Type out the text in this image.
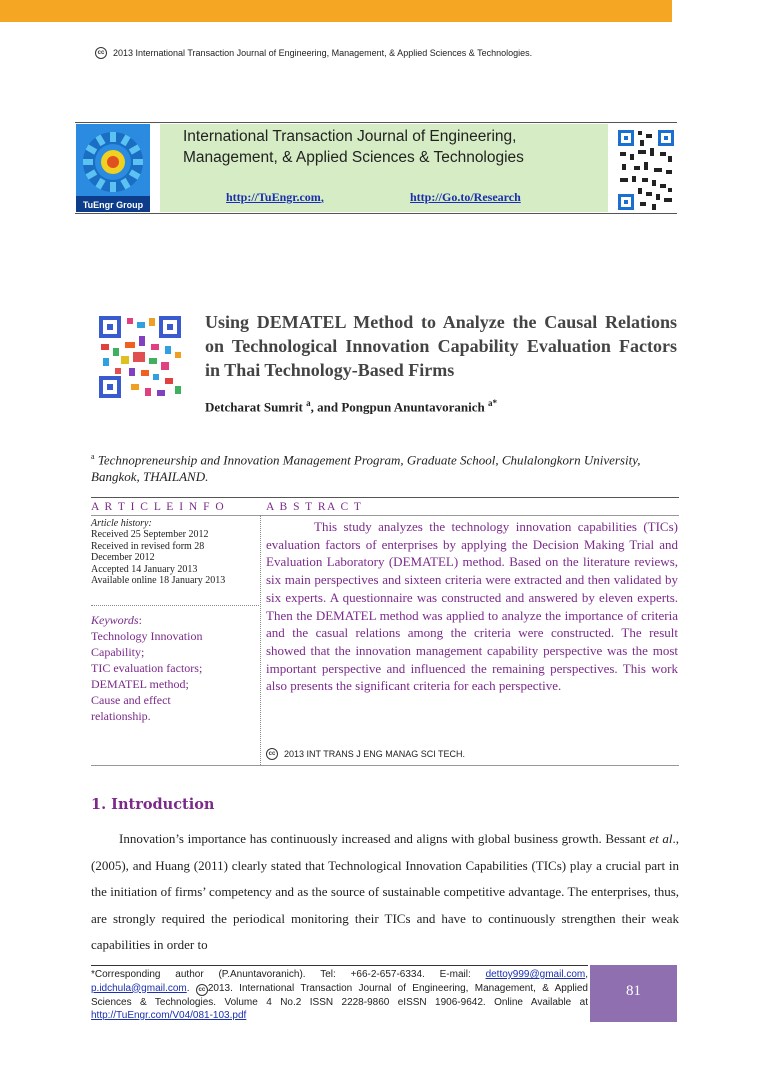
cc 2013 International Transaction Journal of Engineering, Management, & Applied Sciences & Technologies.
TuEngr Group
International Transaction Journal of Engineering, Management, & Applied Sciences & Technologies
http://TuEngr.com,	http://Go.to/Research
Using DEMATEL Method to Analyze the Causal Relations on Technological Innovation Capability Evaluation Factors in Thai Technology-Based Firms
Detcharat Sumrit $^a$, and Pongpun Anuntavoranich $^{a*}$
$^a$ Technopreneurship and Innovation Management Program, Graduate School, Chulalongkorn University, Bangkok, THAILAND.
A R T I C L E I N F O	A B S T RA C T
Article history:
Received 25 September 2012
Received in revised form 28
December 2012
Accepted 14 January 2013
Available online 18 January 2013
Keywords:
Technology Innovation
Capability;
TIC evaluation factors;
DEMATEL method;
Cause and effect
relationship.
This study analyzes the technology innovation capabilities (TICs) evaluation factors of enterprises by applying the Decision Making Trial and Evaluation Laboratory (DEMATEL) method. Based on the literature reviews, six main perspectives and sixteen criteria were extracted and then validated by six experts. A questionnaire was constructed and answered by eleven experts. Then the DEMATEL method was applied to analyze the importance of criteria and the casual relations among the criteria were constructed. The result showed that the innovation management capability perspective was the most important perspective and influenced the remaining perspectives. This work also presents the significant criteria for each perspective.
cc 2013 INT TRANS J ENG MANAG SCI TECH.
1. Introduction
Innovation’s importance has continuously increased and aligns with global business growth. Bessant et al., (2005), and Huang (2011) clearly stated that Technological Innovation Capabilities (TICs) play a crucial part in the initiation of firms’ competency and as the source of sustainable competitive advantage. The enterprises, thus, are strongly required the periodical monitoring their TICs and have to continuously strengthen their weak capabilities in order to
*Corresponding author (P.Anuntavoranich). Tel: +66-2-657-6334. E-mail: dettoy999@gmail.com, p.idchula@gmail.com. cc 2013. International Transaction Journal of Engineering, Management, & Applied Sciences & Technologies. Volume 4 No.2 ISSN 2228-9860 eISSN 1906-9642. Online Available at http://TuEngr.com/V04/081-103.pdf
81
